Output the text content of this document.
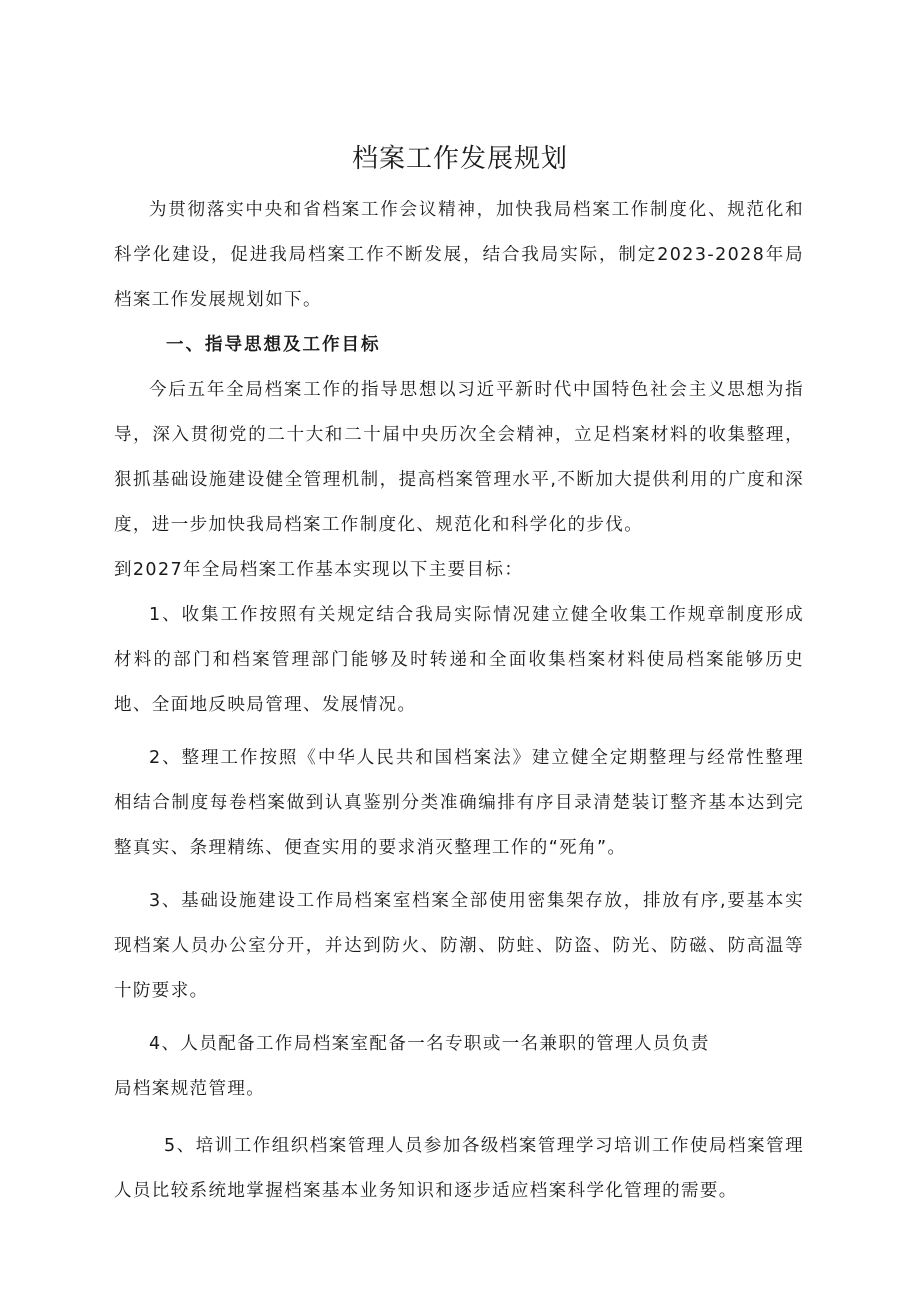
档案工作发展规划

为贯彻落实中央和省档案工作会议精神，加快我局档案工作制度化、规范化和科学化建设，促进我局档案工作不断发展，结合我局实际，制定2023-2028年局档案工作发展规划如下。

一、指导思想及工作目标

今后五年全局档案工作的指导思想以习近平新时代中国特色社会主义思想为指导，深入贯彻党的二十大和二十届中央历次全会精神，立足档案材料的收集整理，狠抓基础设施建设健全管理机制，提高档案管理水平,不断加大提供利用的广度和深度，进一步加快我局档案工作制度化、规范化和科学化的步伐。

到2027年全局档案工作基本实现以下主要目标：

1、收集工作按照有关规定结合我局实际情况建立健全收集工作规章制度形成材料的部门和档案管理部门能够及时转递和全面收集档案材料使局档案能够历史地、全面地反映局管理、发展情况。

2、整理工作按照《中华人民共和国档案法》建立健全定期整理与经常性整理相结合制度每卷档案做到认真鉴别分类准确编排有序目录清楚装订整齐基本达到完整真实、条理精练、便查实用的要求消灭整理工作的“死角”。

3、基础设施建设工作局档案室档案全部使用密集架存放，排放有序,要基本实现档案人员办公室分开，并达到防火、防潮、防蛀、防盗、防光、防磁、防高温等十防要求。

4、人员配备工作局档案室配备一名专职或一名兼职的管理人员负责

局档案规范管理。

5、培训工作组织档案管理人员参加各级档案管理学习培训工作使局档案管理人员比较系统地掌握档案基本业务知识和逐步适应档案科学化管理的需要。
